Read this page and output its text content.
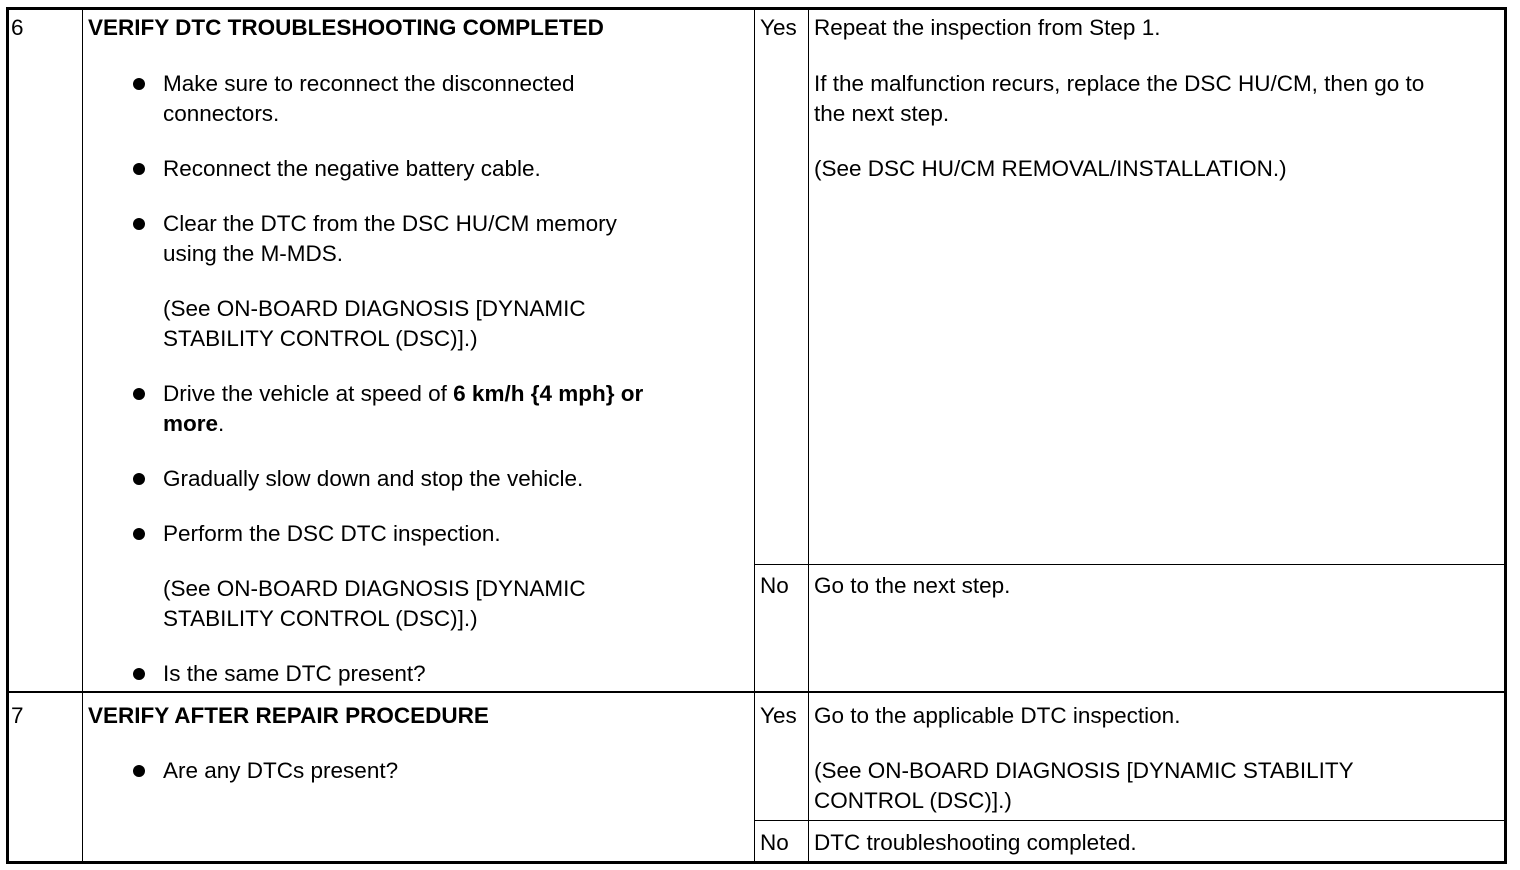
6	VERIFY DTC TROUBLESHOOTING COMPLETED
Make sure to reconnect the disconnected
connectors.
Reconnect the negative battery cable.
Clear the DTC from the DSC HU/CM memory
using the M-MDS.
(See ON-BOARD DIAGNOSIS [DYNAMIC
STABILITY CONTROL (DSC)].)
Drive the vehicle at speed of 6 km/h {4 mph} or
more.
Gradually slow down and stop the vehicle.
Perform the DSC DTC inspection.
(See ON-BOARD DIAGNOSIS [DYNAMIC
STABILITY CONTROL (DSC)].)
Is the same DTC present?
Yes Repeat the inspection from Step 1.
If the malfunction recurs, replace the DSC HU/CM, then go to
the next step.
(See DSC HU/CM REMOVAL/INSTALLATION.)
No Go to the next step.
7	VERIFY AFTER REPAIR PROCEDURE
Are any DTCs present?
Yes Go to the applicable DTC inspection.
(See ON-BOARD DIAGNOSIS [DYNAMIC STABILITY
CONTROL (DSC)].)
No DTC troubleshooting completed.
